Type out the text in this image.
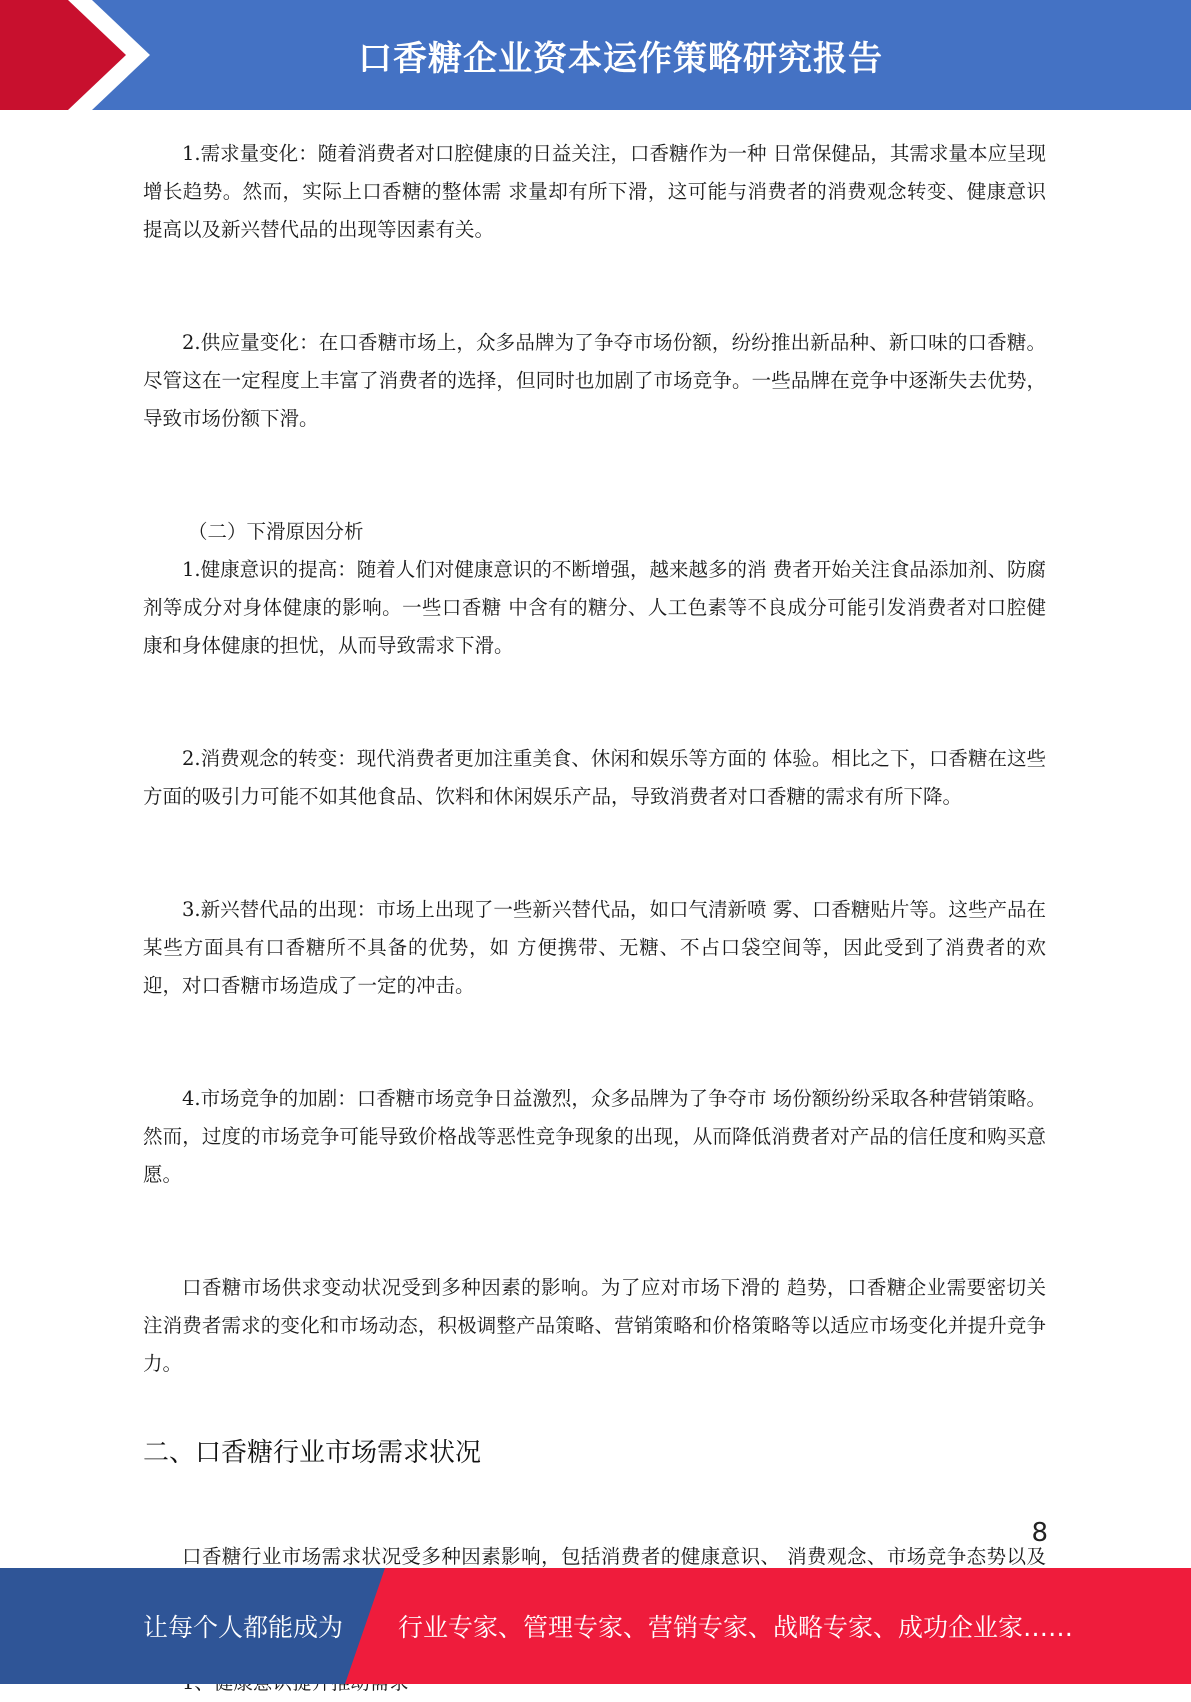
口香糖企业资本运作策略研究报告

1.需求量变化：随着消费者对口腔健康的日益关注，口香糖作为一种 日常保健品，其需求量本应呈现增长趋势。然而，实际上口香糖的整体需 求量却有所下滑，这可能与消费者的消费观念转变、健康意识提高以及新兴替代品的出现等因素有关。

2.供应量变化：在口香糖市场上，众多品牌为了争夺市场份额，纷纷推出新品种、新口味的口香糖。尽管这在一定程度上丰富了消费者的选择，但同时也加剧了市场竞争。一些品牌在竞争中逐渐失去优势，导致市场份额下滑。

（二）下滑原因分析

1.健康意识的提高：随着人们对健康意识的不断增强，越来越多的消 费者开始关注食品添加剂、防腐剂等成分对身体健康的影响。一些口香糖 中含有的糖分、人工色素等不良成分可能引发消费者对口腔健康和身体健康的担忧，从而导致需求下滑。

2.消费观念的转变：现代消费者更加注重美食、休闲和娱乐等方面的 体验。相比之下，口香糖在这些方面的吸引力可能不如其他食品、饮料和休闲娱乐产品，导致消费者对口香糖的需求有所下降。

3.新兴替代品的出现：市场上出现了一些新兴替代品，如口气清新喷 雾、口香糖贴片等。这些产品在某些方面具有口香糖所不具备的优势，如 方便携带、无糖、不占口袋空间等，因此受到了消费者的欢迎，对口香糖市场造成了一定的冲击。

4.市场竞争的加剧：口香糖市场竞争日益激烈，众多品牌为了争夺市 场份额纷纷采取各种营销策略。然而，过度的市场竞争可能导致价格战等恶性竞争现象的出现，从而降低消费者对产品的信任度和购买意愿。

口香糖市场供求变动状况受到多种因素的影响。为了应对市场下滑的 趋势，口香糖企业需要密切关注消费者需求的变化和市场动态，积极调整产品策略、营销策略和价格策略等以适应市场变化并提升竞争力。

二、口香糖行业市场需求状况

口香糖行业市场需求状况受多种因素影响，包括消费者的健康意识、 消费观念、市场竞争态势以及

8
让每个人都能成为 行业专家、管理专家、营销专家、战略专家、成功企业家……
